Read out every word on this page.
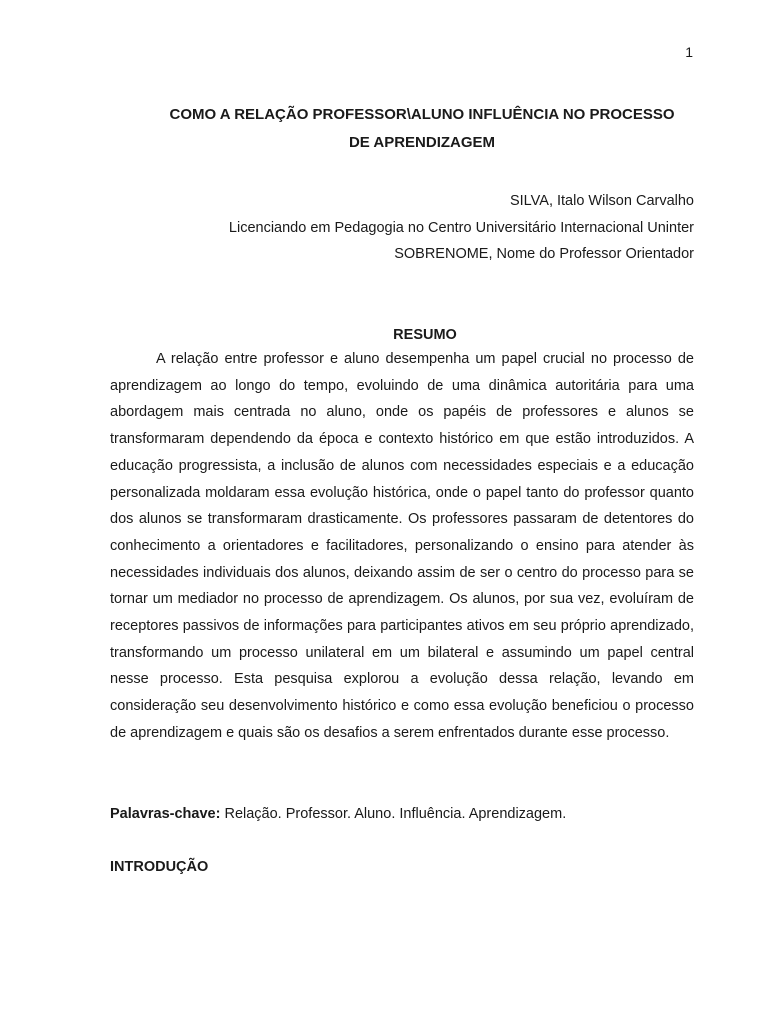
1
COMO A RELAÇÃO PROFESSOR\ALUNO INFLUÊNCIA NO PROCESSO
DE APRENDIZAGEM
SILVA, Italo Wilson Carvalho
Licenciando em Pedagogia no Centro Universitário Internacional Uninter
SOBRENOME, Nome do Professor Orientador
RESUMO

A relação entre professor e aluno desempenha um papel crucial no processo de aprendizagem ao longo do tempo, evoluindo de uma dinâmica autoritária para uma abordagem mais centrada no aluno, onde os papéis de professores e alunos se transformaram dependendo da época e contexto histórico em que estão introduzidos. A educação progressista, a inclusão de alunos com necessidades especiais e a educação personalizada moldaram essa evolução histórica, onde o papel tanto do professor quanto dos alunos se transformaram drasticamente. Os professores passaram de detentores do conhecimento a orientadores e facilitadores, personalizando o ensino para atender às necessidades individuais dos alunos, deixando assim de ser o centro do processo para se tornar um mediador no processo de aprendizagem. Os alunos, por sua vez, evoluíram de receptores passivos de informações para participantes ativos em seu próprio aprendizado, transformando um processo unilateral em um bilateral e assumindo um papel central nesse processo. Esta pesquisa explorou a evolução dessa relação, levando em consideração seu desenvolvimento histórico e como essa evolução beneficiou o processo de aprendizagem e quais são os desafios a serem enfrentados durante esse processo.

Palavras-chave: Relação. Professor. Aluno. Influência. Aprendizagem.
INTRODUÇÃO
